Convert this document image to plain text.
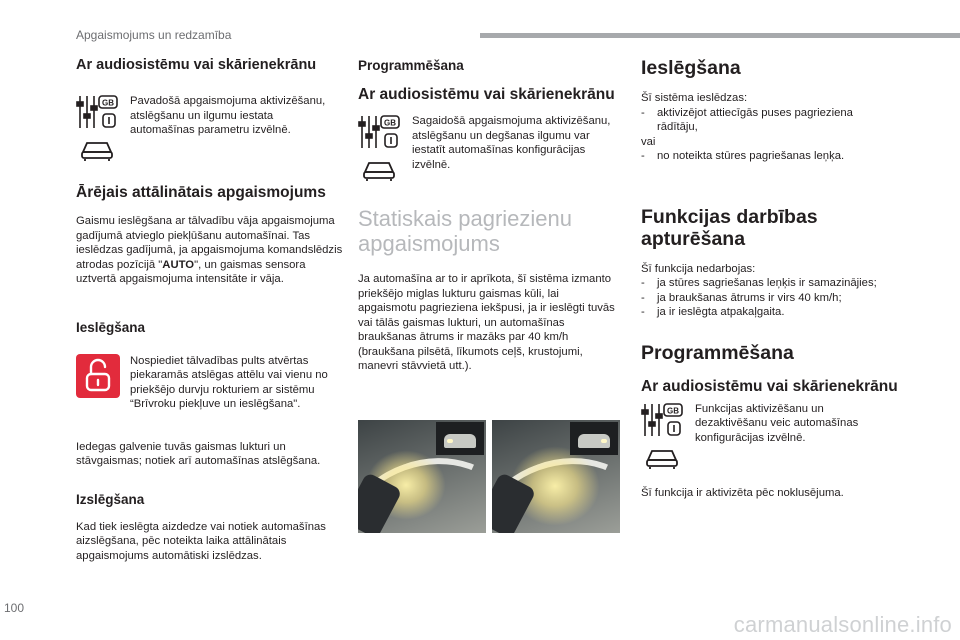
Apgaismojums un redzamība
Ar audiosistēmu vai skārienekrānu
GB Pavadošā apgaismojuma aktivizēšanu, atslēgšanu un ilgumu iestata automašīnas parametru izvēlnē.
Ārējais attālinātais apgaismojums

Gaismu ieslēgšana ar tālvadību vāja apgaismojuma gadījumā atvieglo piekļūšanu automašīnai. Tas ieslēdzas gadījumā, ja apgaismojuma komandslēdzis atrodas pozīcijā "AUTO", un gaismas sensora uztvertā apgaismojuma intensitāte ir vāja.

Ieslēgšana
Nospiediet tālvadības pults atvērtas piekaramās atslēgas attēlu vai vienu no priekšējo durvju rokturiem ar sistēmu “Brīvroku piekļuve un ieslēgšana".

Iedegas galvenie tuvās gaismas lukturi un stāvgaismas; notiek arī automašīnas atslēgšana.

Izslēgšana

Kad tiek ieslēgta aizdedze vai notiek automašīnas aizslēgšana, pēc noteikta laika attālinātais apgaismojums automātiski izslēdzas.

Programmēšana
Ar audiosistēmu vai skārienekrānu
GB Sagaidošā apgaismojuma aktivizēšanu, atslēgšanu un degšanas ilgumu var iestatīt automašīnas konfigurācijas izvēlnē.
Statiskais pagriezienu apgaismojums

Ja automašīna ar to ir aprīkota, šī sistēma izmanto priekšējo miglas lukturu gaismas kūli, lai apgaismotu pagrieziena iekšpusi, ja ir ieslēgti tuvās vai tālās gaismas lukturi, un automašīnas braukšanas ātrums ir mazāks par 40 km/h (braukšana pilsētā, līkumots ceļš, krustojumi, manevri stāvvietā utt.).

Ieslēgšana

Šī sistēma ieslēdzas:

- aktivizējot attiecīgās puses pagrieziena rādītāju,

vai

- no noteikta stūres pagriešanas leņķa.
Funkcijas darbības apturēšana

Šī funkcija nedarbojas:

- ja stūres sagriešanas leņķis ir samazinājies;
- ja braukšanas ātrums ir virs 40 km/h;
- ja ir ieslēgta atpakaļgaita.
Programmēšana
Ar audiosistēmu vai skārienekrānu
GB Funkcijas aktivizēšanu un dezaktivēšanu veic automašīnas konfigurācijas izvēlnē.

Šī funkcija ir aktivizēta pēc noklusējuma.

100
carmanualsonline.info
